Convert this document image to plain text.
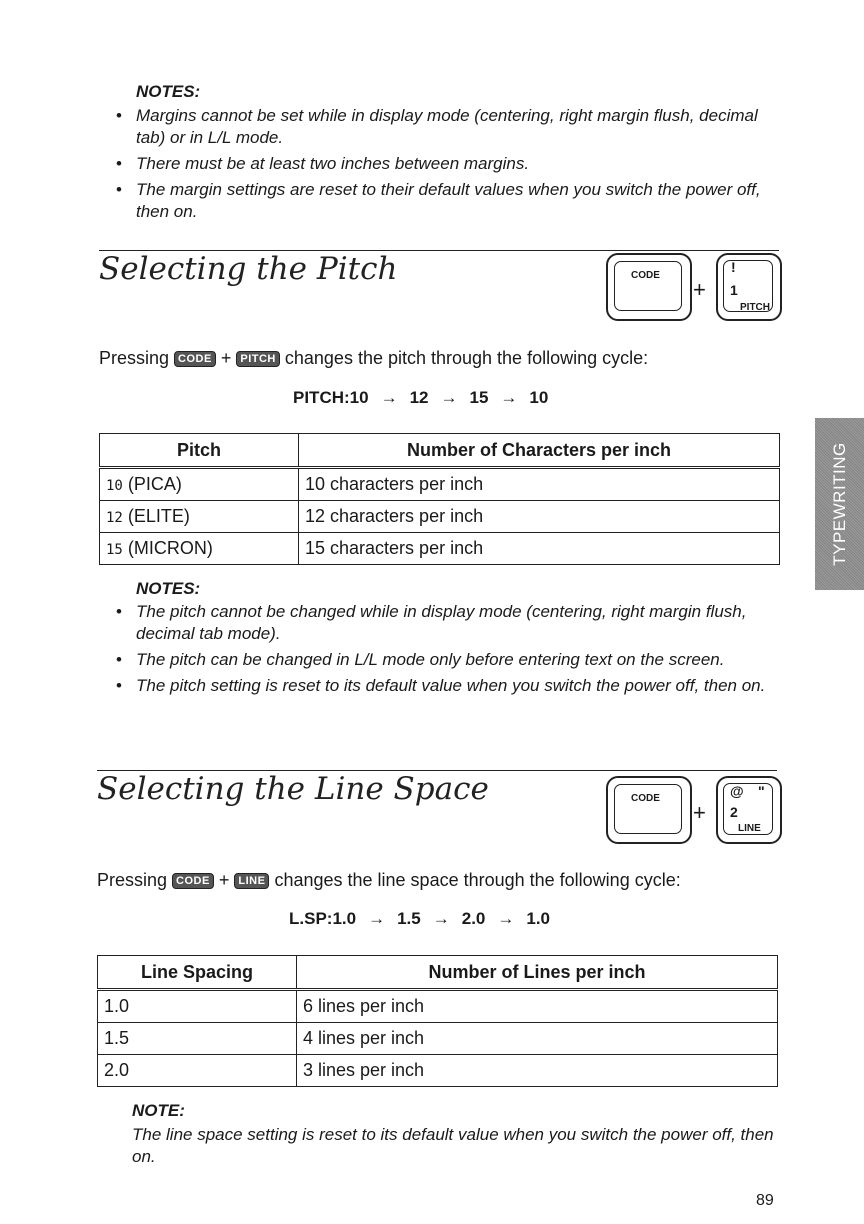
NOTES:
• Margins cannot be set while in display mode (centering, right margin flush, decimal tab) or in L/L mode.
• There must be at least two inches between margins.
• The margin settings are reset to their default values when you switch the power off, then on.
Selecting the Pitch	CODE
+
!
1
PITCH
Pressing CODE + PITCH changes the pitch through the following cycle:
PITCH:10 → 12 → 15 → 10
Pitch	Number of Characters per inch
10 (PICA)	10 characters per inch
12 (ELITE)	12 characters per inch
15 (MICRON)	15 characters per inch
NOTES:
• The pitch cannot be changed while in display mode (centering, right margin flush, decimal tab mode).
• The pitch can be changed in L/L mode only before entering text on the screen.
• The pitch setting is reset to its default value when you switch the power off, then on.
Selecting the Line Space	CODE
+
@ "
2
LINE
Pressing CODE + LINE changes the line space through the following cycle:
L.SP:1.0 → 1.5 → 2.0 → 1.0
Line Spacing	Number of Lines per inch
1.0	6 lines per inch
1.5	4 lines per inch
2.0	3 lines per inch
NOTE:
The line space setting is reset to its default value when you switch the power off, then on.
TYPEWRITING
89
